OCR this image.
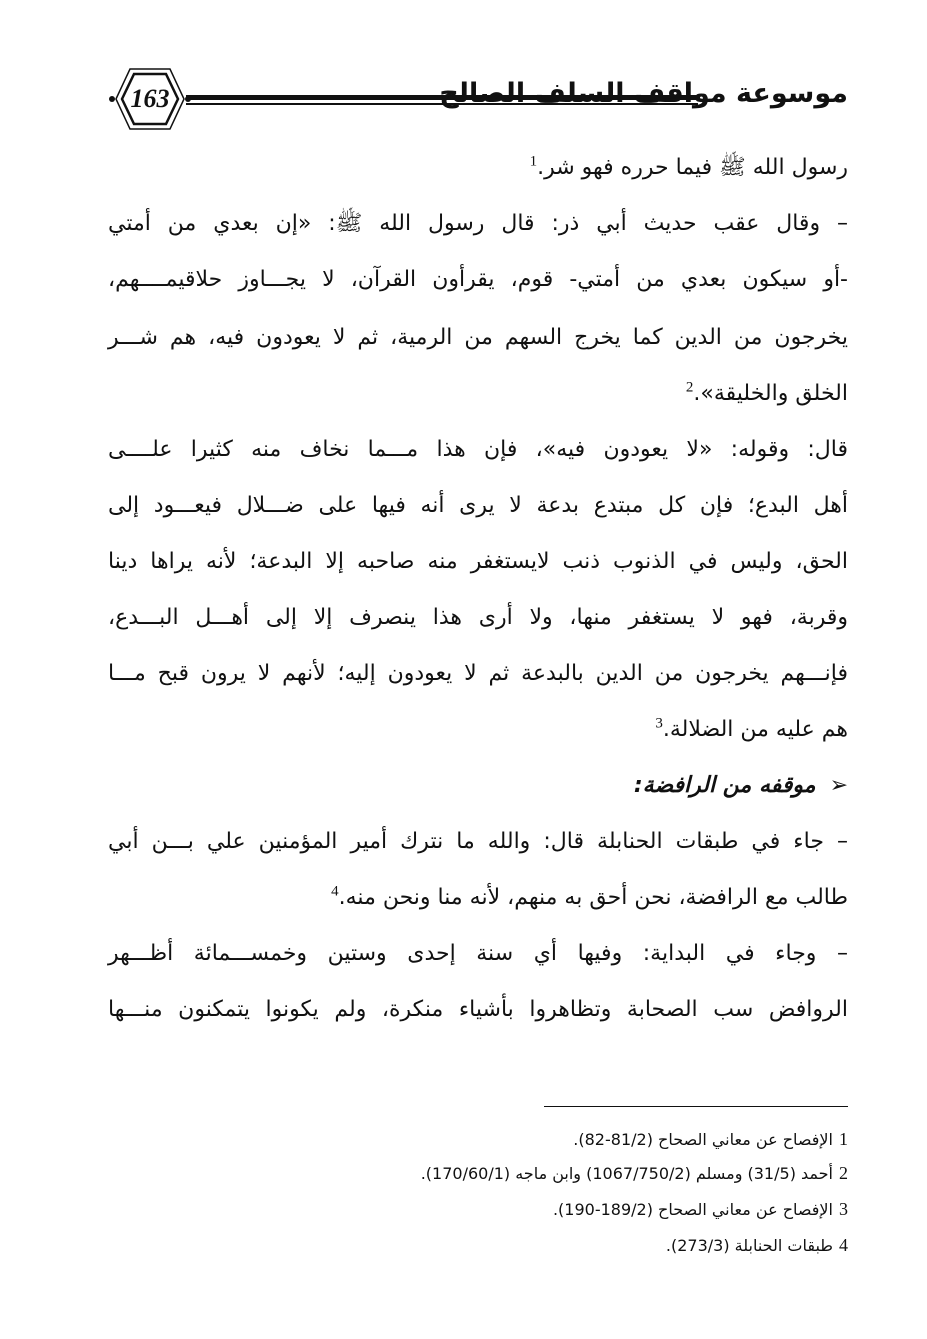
163	موسوعة مواقف السلف الصالح
رسول الله ﷺ فيما حرره فهو شر.$^1$
– وقال عقب حديث أبي ذر: قال رسول الله ﷺ: «إن بعدي من أمتي
-أو سيكون بعدي من أمتي- قوم، يقرأون القرآن، لا يجـــاوز حلاقيمــــهم،
يخرجون من الدين كما يخرج السهم من الرمية، ثم لا يعودون فيه، هم شـــر
الخلق والخليقة».$^2$
قال: وقوله: «لا يعودون فيه»، فإن هذا مـــما نخاف منه كثيرا علــــى
أهل البدع؛ فإن كل مبتدع بدعة لا يرى أنه فيها على ضـــلال فيعـــود إلى
الحق، وليس في الذنوب ذنب لايستغفر منه صاحبه إلا البدعة؛ لأنه يراها دينا
وقربة، فهو لا يستغفر منها، ولا أرى هذا ينصرف إلا إلى أهـــل البـــدع،
فإنـــهم يخرجون من الدين بالبدعة ثم لا يعودون إليه؛ لأنهم لا يرون قبح مـــا
هم عليه من الضلالة.$^3$
➢موقفه من الرافضة:
– جاء في طبقات الحنابلة قال: والله ما نترك أمير المؤمنين علي بـــن أبي
طالب مع الرافضة، نحن أحق به منهم، لأنه منا ونحن منه.$^4$
– وجاء في البداية: وفيها أي سنة إحدى وستين وخمســـمائة أظـــهر
الروافض سب الصحابة وتظاهروا بأشياء منكرة، ولم يكونوا يتمكنون منـــها
1الإفصاح عن معاني الصحاح (81/2-82).
2أحمد (31/5) ومسلم (1067/750/2) وابن ماجه (170/60/1).
3الإفصاح عن معاني الصحاح (189/2-190).
4طبقات الحنابلة (273/3).
